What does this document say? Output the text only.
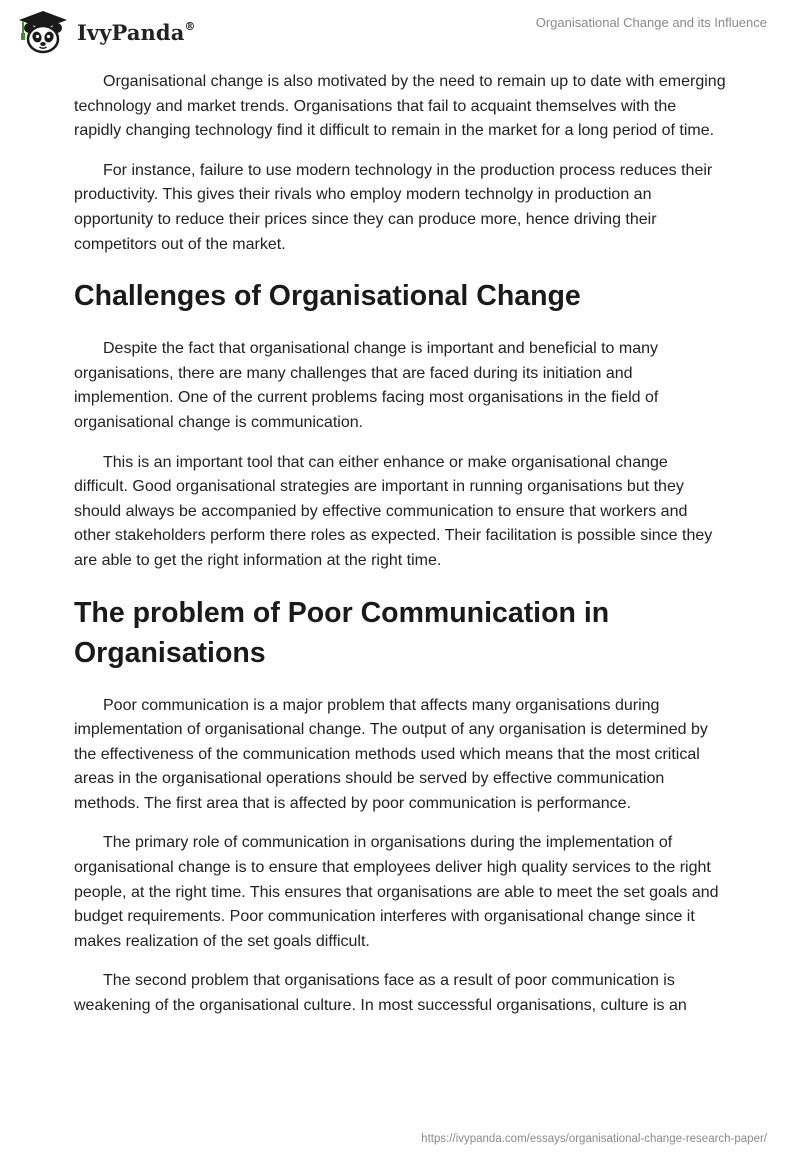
IvyPanda®	Organisational Change and its Influence

Organisational change is also motivated by the need to remain up to date with emerging technology and market trends. Organisations that fail to acquaint themselves with the rapidly changing technology find it difficult to remain in the market for a long period of time.

For instance, failure to use modern technology in the production process reduces their productivity. This gives their rivals who employ modern technolgy in production an opportunity to reduce their prices since they can produce more, hence driving their competitors out of the market.

Challenges of Organisational Change

Despite the fact that organisational change is important and beneficial to many organisations, there are many challenges that are faced during its initiation and implemention. One of the current problems facing most organisations in the field of organisational change is communication.

This is an important tool that can either enhance or make organisational change difficult. Good organisational strategies are important in running organisations but they should always be accompanied by effective communication to ensure that workers and other stakeholders perform there roles as expected. Their facilitation is possible since they are able to get the right information at the right time.

The problem of Poor Communication in Organisations

Poor communication is a major problem that affects many organisations during implementation of organisational change. The output of any organisation is determined by the effectiveness of the communication methods used which means that the most critical areas in the organisational operations should be served by effective communication methods. The first area that is affected by poor communication is performance.

The primary role of communication in organisations during the implementation of organisational change is to ensure that employees deliver high quality services to the right people, at the right time. This ensures that organisations are able to meet the set goals and budget requirements. Poor communication interferes with organisational change since it makes realization of the set goals difficult.

The second problem that organisations face as a result of poor communication is weakening of the organisational culture. In most successful organisations, culture is an

https://ivypanda.com/essays/organisational-change-research-paper/
